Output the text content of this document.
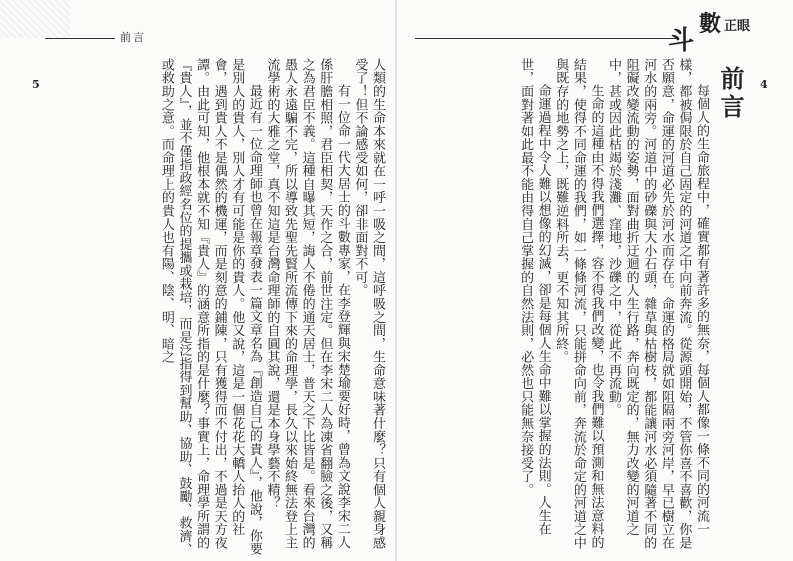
前言	斗
數 正眼
5	4
前言

每個人的生命旅程中，確實都有著許多的無奈，每個人都像一條不同的河流一樣，都被侷限於自己固定的河道之中向前奔流。從源頭開始，不管你喜不喜歡，你是否願意，命運的河道必先於河水而存在。命運的格局就如阻隔兩旁河岸，早已樹立在河水的兩旁。河道中的砂礫與大小石頭，雜草與枯樹枝，都能讓河水必須隨著不同的阻礙改變流動的姿勢，面對曲折迂迴的人生行路，奔向既定的，無力改變的河道之中，甚或因此枯竭於淺灘、窪地，沙礫之中，從此不再流動。

生命的這種由不得我們選擇，容不得我們改變，也令我們難以預測和無法意料的結果，使得不同命運的我們，如一條條河流，只能拼命向前，奔流於命定的河道之中與既存的地勢之上，既難逆料所去，更不知其所終。

命運過程中令人難以想像的幻滅，卻是每個人生命中難以掌握的法則。人生在世，面對著如此最不能由得自己掌握的自然法則，必然也只能無奈接受了。

人類的生命本來就在一呼一吸之間，這呼吸之間，生命意味著什麼？只有個人親身感受了！但不論感受如何，卻非面對不可。

有一位命一代大居士的斗數專家，在李登輝與宋楚瑜要好時，曾為文說李宋二人係肝膽相照，君臣相契，天作之合，前世注定。但在李宋二人為凍省翻臉之後，又稱之為君臣不義。這種自曝其短，誨人不倦的通天居士，普天之下比皆是。看來台灣的愚人永遠騙不完，所以導致先聖先賢所流傳下來的命理學，長久以來始終無法登上主流學術的大雅之堂，真不知這是台灣命理師的自圓其說，還是本身學藝不精？

最近有一位命理師也曾在報章發表一篇文章名為『創造自己的貴人』，他說，你要是別人的貴人，別人才有可能是你的貴人。他又說，這是一個花花大轎人抬人的社會，遇到貴人不是偶然的機運，而是刻意的鋪陳，只有獲得而不付出，不過是天方夜譚。由此可知，他根本就不知『貴人』的涵意所指的是什麼？事實上，命理學所謂的『貴人』，並不僅指政經名位的提攜或栽培，而是泛指得到幫助、協助、鼓勵、救濟、或救助之意。而命理上的貴人也有陽、陰、明、暗之
